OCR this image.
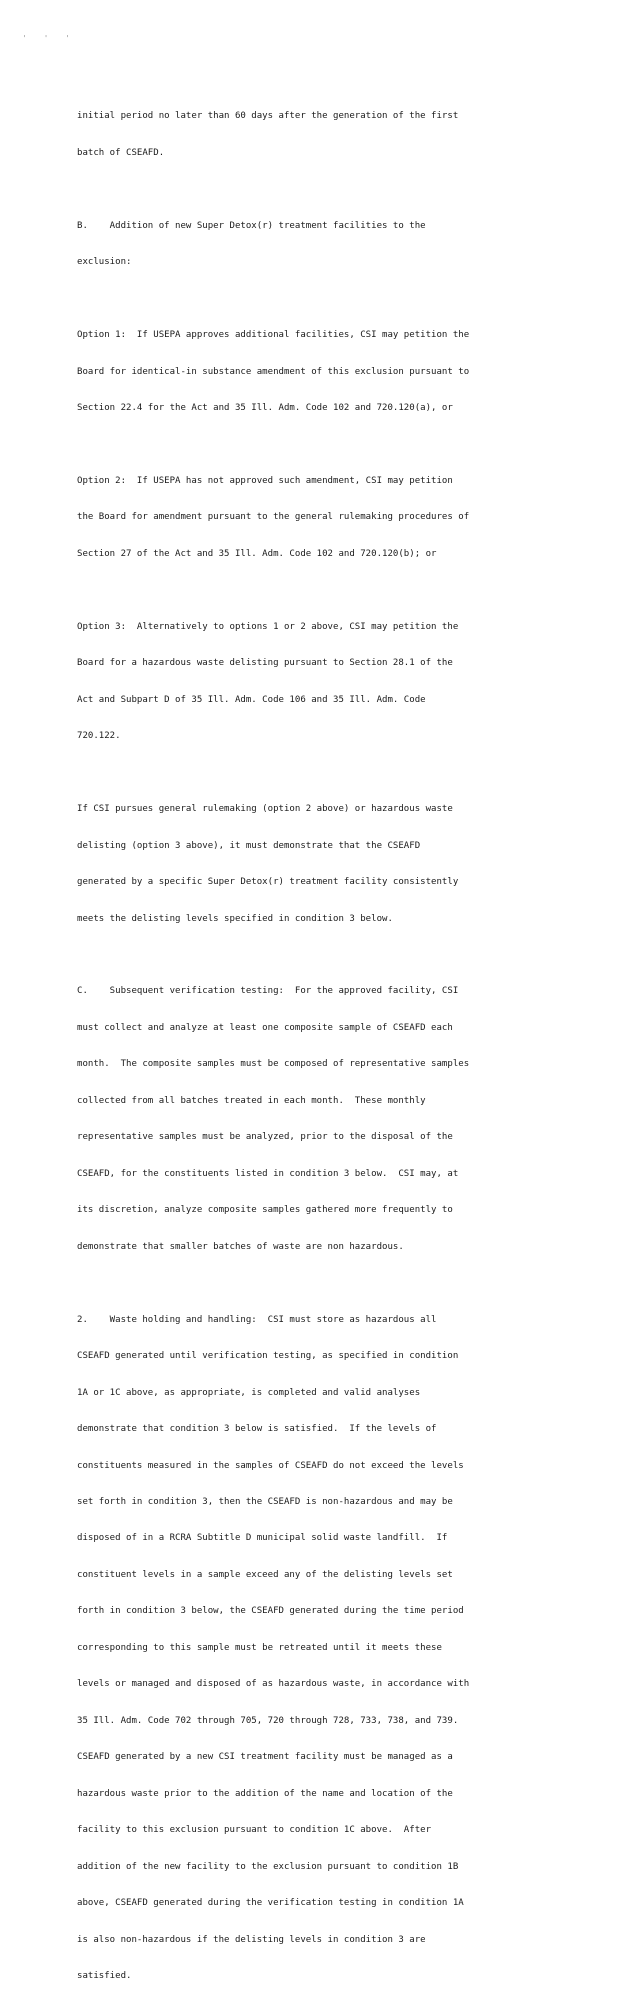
' ' '

initial period no later than 60 days after the generation of the first

batch of CSEAFD.

B.    Addition of new Super Detox(r) treatment facilities to the

exclusion:

Option 1:  If USEPA approves additional facilities, CSI may petition the

Board for identical-in substance amendment of this exclusion pursuant to

Section 22.4 for the Act and 35 Ill. Adm. Code 102 and 720.120(a), or

Option 2:  If USEPA has not approved such amendment, CSI may petition

the Board for amendment pursuant to the general rulemaking procedures of

Section 27 of the Act and 35 Ill. Adm. Code 102 and 720.120(b); or

Option 3:  Alternatively to options 1 or 2 above, CSI may petition the

Board for a hazardous waste delisting pursuant to Section 28.1 of the

Act and Subpart D of 35 Ill. Adm. Code 106 and 35 Ill. Adm. Code

720.122.

If CSI pursues general rulemaking (option 2 above) or hazardous waste

delisting (option 3 above), it must demonstrate that the CSEAFD

generated by a specific Super Detox(r) treatment facility consistently

meets the delisting levels specified in condition 3 below.

C.    Subsequent verification testing:  For the approved facility, CSI

must collect and analyze at least one composite sample of CSEAFD each

month.  The composite samples must be composed of representative samples

collected from all batches treated in each month.  These monthly

representative samples must be analyzed, prior to the disposal of the

CSEAFD, for the constituents listed in condition 3 below.  CSI may, at

its discretion, analyze composite samples gathered more frequently to

demonstrate that smaller batches of waste are non hazardous.

2.    Waste holding and handling:  CSI must store as hazardous all

CSEAFD generated until verification testing, as specified in condition

1A or 1C above, as appropriate, is completed and valid analyses

demonstrate that condition 3 below is satisfied.  If the levels of

constituents measured in the samples of CSEAFD do not exceed the levels

set forth in condition 3, then the CSEAFD is non-hazardous and may be

disposed of in a RCRA Subtitle D municipal solid waste landfill.  If

constituent levels in a sample exceed any of the delisting levels set

forth in condition 3 below, the CSEAFD generated during the time period

corresponding to this sample must be retreated until it meets these

levels or managed and disposed of as hazardous waste, in accordance with

35 Ill. Adm. Code 702 through 705, 720 through 728, 733, 738, and 739.

CSEAFD generated by a new CSI treatment facility must be managed as a

hazardous waste prior to the addition of the name and location of the

facility to this exclusion pursuant to condition 1C above.  After

addition of the new facility to the exclusion pursuant to condition 1B

above, CSEAFD generated during the verification testing in condition 1A

is also non-hazardous if the delisting levels in condition 3 are

satisfied.
